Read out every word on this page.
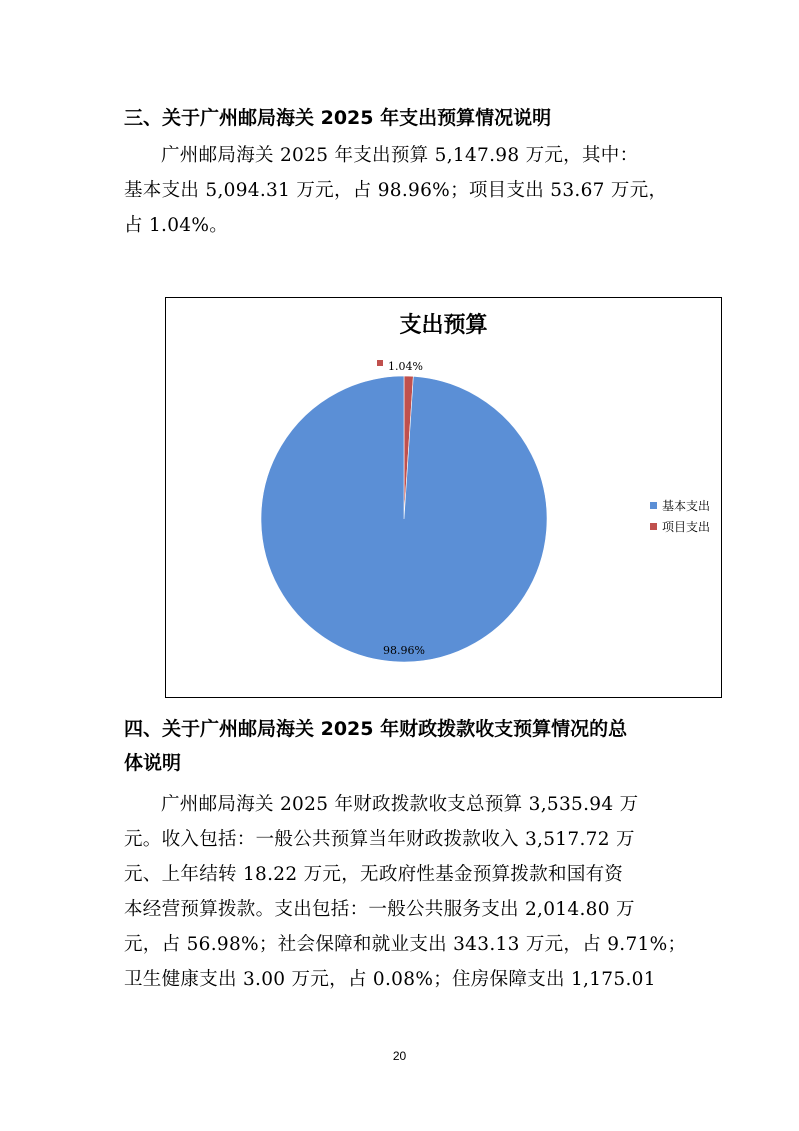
三、关于广州邮局海关 2025 年支出预算情况说明
广州邮局海关 2025 年支出预算 5,147.98 万元，其中：
基本支出 5,094.31 万元，占 98.96%；项目支出 53.67 万元，
占 1.04%。
支出预算
98.96%
1.04%
基本支出
项目支出
四、关于广州邮局海关 2025 年财政拨款收支预算情况的总
体说明
广州邮局海关 2025 年财政拨款收支总预算 3,535.94 万
元。收入包括：一般公共预算当年财政拨款收入 3,517.72 万
元、上年结转 18.22 万元，无政府性基金预算拨款和国有资
本经营预算拨款。支出包括：一般公共服务支出 2,014.80 万
元，占 56.98%；社会保障和就业支出 343.13 万元，占 9.71%；
卫生健康支出 3.00 万元，占 0.08%；住房保障支出 1,175.01
20
